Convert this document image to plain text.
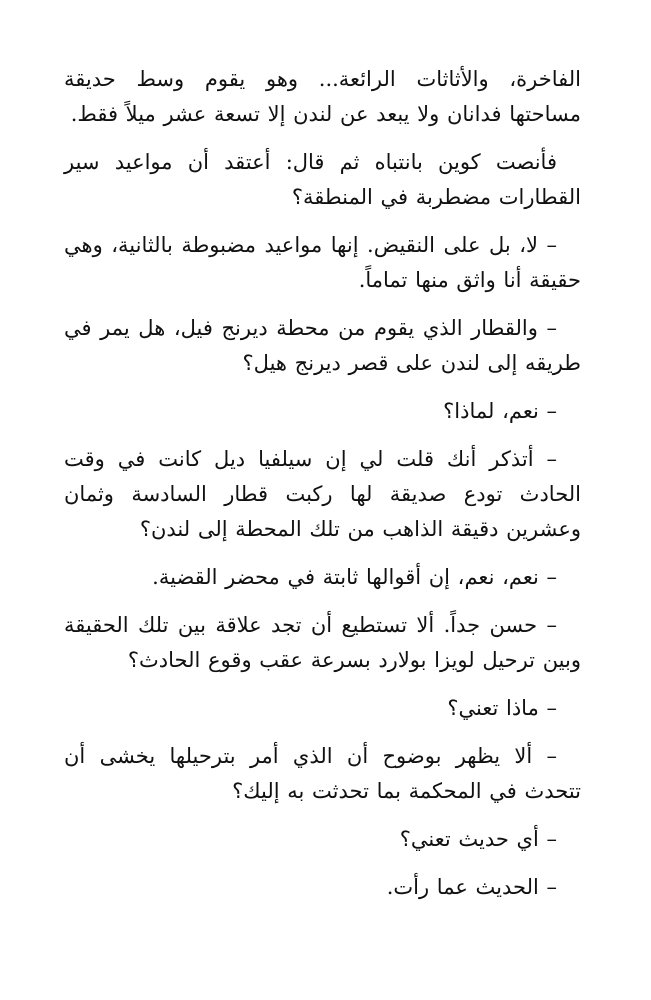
الفاخرة، والأثاثات الرائعة... وهو يقوم وسط حديقة مساحتها فدانان ولا يبعد عن لندن إلا تسعة عشر ميلاً فقط.

فأنصت كوين بانتباه ثم قال: أعتقد أن مواعيد سير القطارات مضطربة في المنطقة؟

– لا، بل على النقيض. إنها مواعيد مضبوطة بالثانية، وهي حقيقة أنا واثق منها تماماً.

– والقطار الذي يقوم من محطة ديرنج فيل، هل يمر في طريقه إلى لندن على قصر ديرنج هيل؟

– نعم، لماذا؟

– أتذكر أنك قلت لي إن سيلفيا ديل كانت في وقت الحادث تودع صديقة لها ركبت قطار السادسة وثمان وعشرين دقيقة الذاهب من تلك المحطة إلى لندن؟

– نعم، نعم، إن أقوالها ثابتة في محضر القضية.

– حسن جداً. ألا تستطيع أن تجد علاقة بين تلك الحقيقة وبين ترحيل لويزا بولارد بسرعة عقب وقوع الحادث؟

– ماذا تعني؟

– ألا يظهر بوضوح أن الذي أمر بترحيلها يخشى أن تتحدث في المحكمة بما تحدثت به إليك؟

– أي حديث تعني؟

– الحديث عما رأت.
